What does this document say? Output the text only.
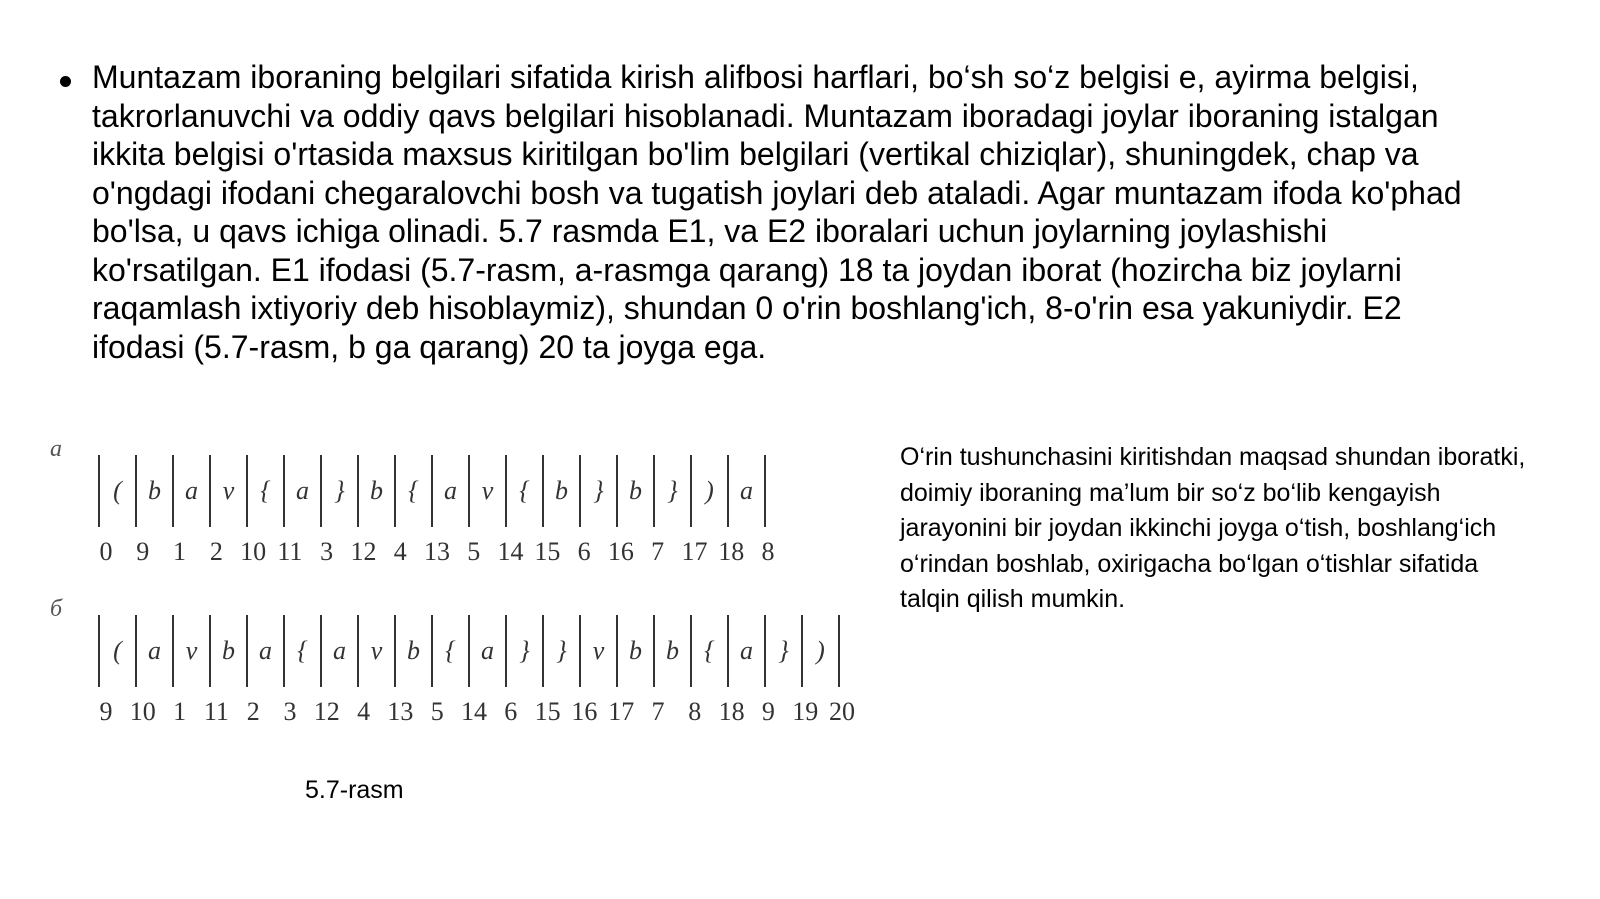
Muntazam iboraning belgilari sifatida kirish alifbosi harflari, bo‘sh so‘z belgisi e, ayirma belgisi, takrorlanuvchi va oddiy qavs belgilari hisoblanadi. Muntazam iboradagi joylar iboraning istalgan ikkita belgisi o'rtasida maxsus kiritilgan bo'lim belgilari (vertikal chiziqlar), shuningdek, chap va o'ngdagi ifodani chegaralovchi bosh va tugatish joylari deb ataladi. Agar muntazam ifoda ko'phad bo'lsa, u qavs ichiga olinadi. 5.7 rasmda E1, va E2 iboralari uchun joylarning joylashishi ko'rsatilgan. E1 ifodasi (5.7-rasm, a-rasmga qarang) 18 ta joydan iborat (hozircha biz joylarni raqamlash ixtiyoriy deb hisoblaymiz), shundan 0 o'rin boshlang'ich, 8-o'rin esa yakuniydir. E2 ifodasi (5.7-rasm, b ga qarang) 20 ta joyga ega.
a
(	b a v	{ a } b { a v	{ b } b }	)	a
0 9 1 2 10 11 3 12 4 13 5 14 15 6 16 7 17 18 8
б
(	a v b a { a v b { a }	}	v b b { a }	)
9 10 1 11 2 3 12 4 13 5 14 6 15 16 17 7 8 18 9 19 20
O‘rin tushunchasini kiritishdan maqsad shundan iboratki, doimiy iboraning ma’lum bir so‘z bo‘lib kengayish jarayonini bir joydan ikkinchi joyga o‘tish, boshlang‘ich o‘rindan boshlab, oxirigacha bo‘lgan o‘tishlar sifatida talqin qilish mumkin.
5.7-rasm
